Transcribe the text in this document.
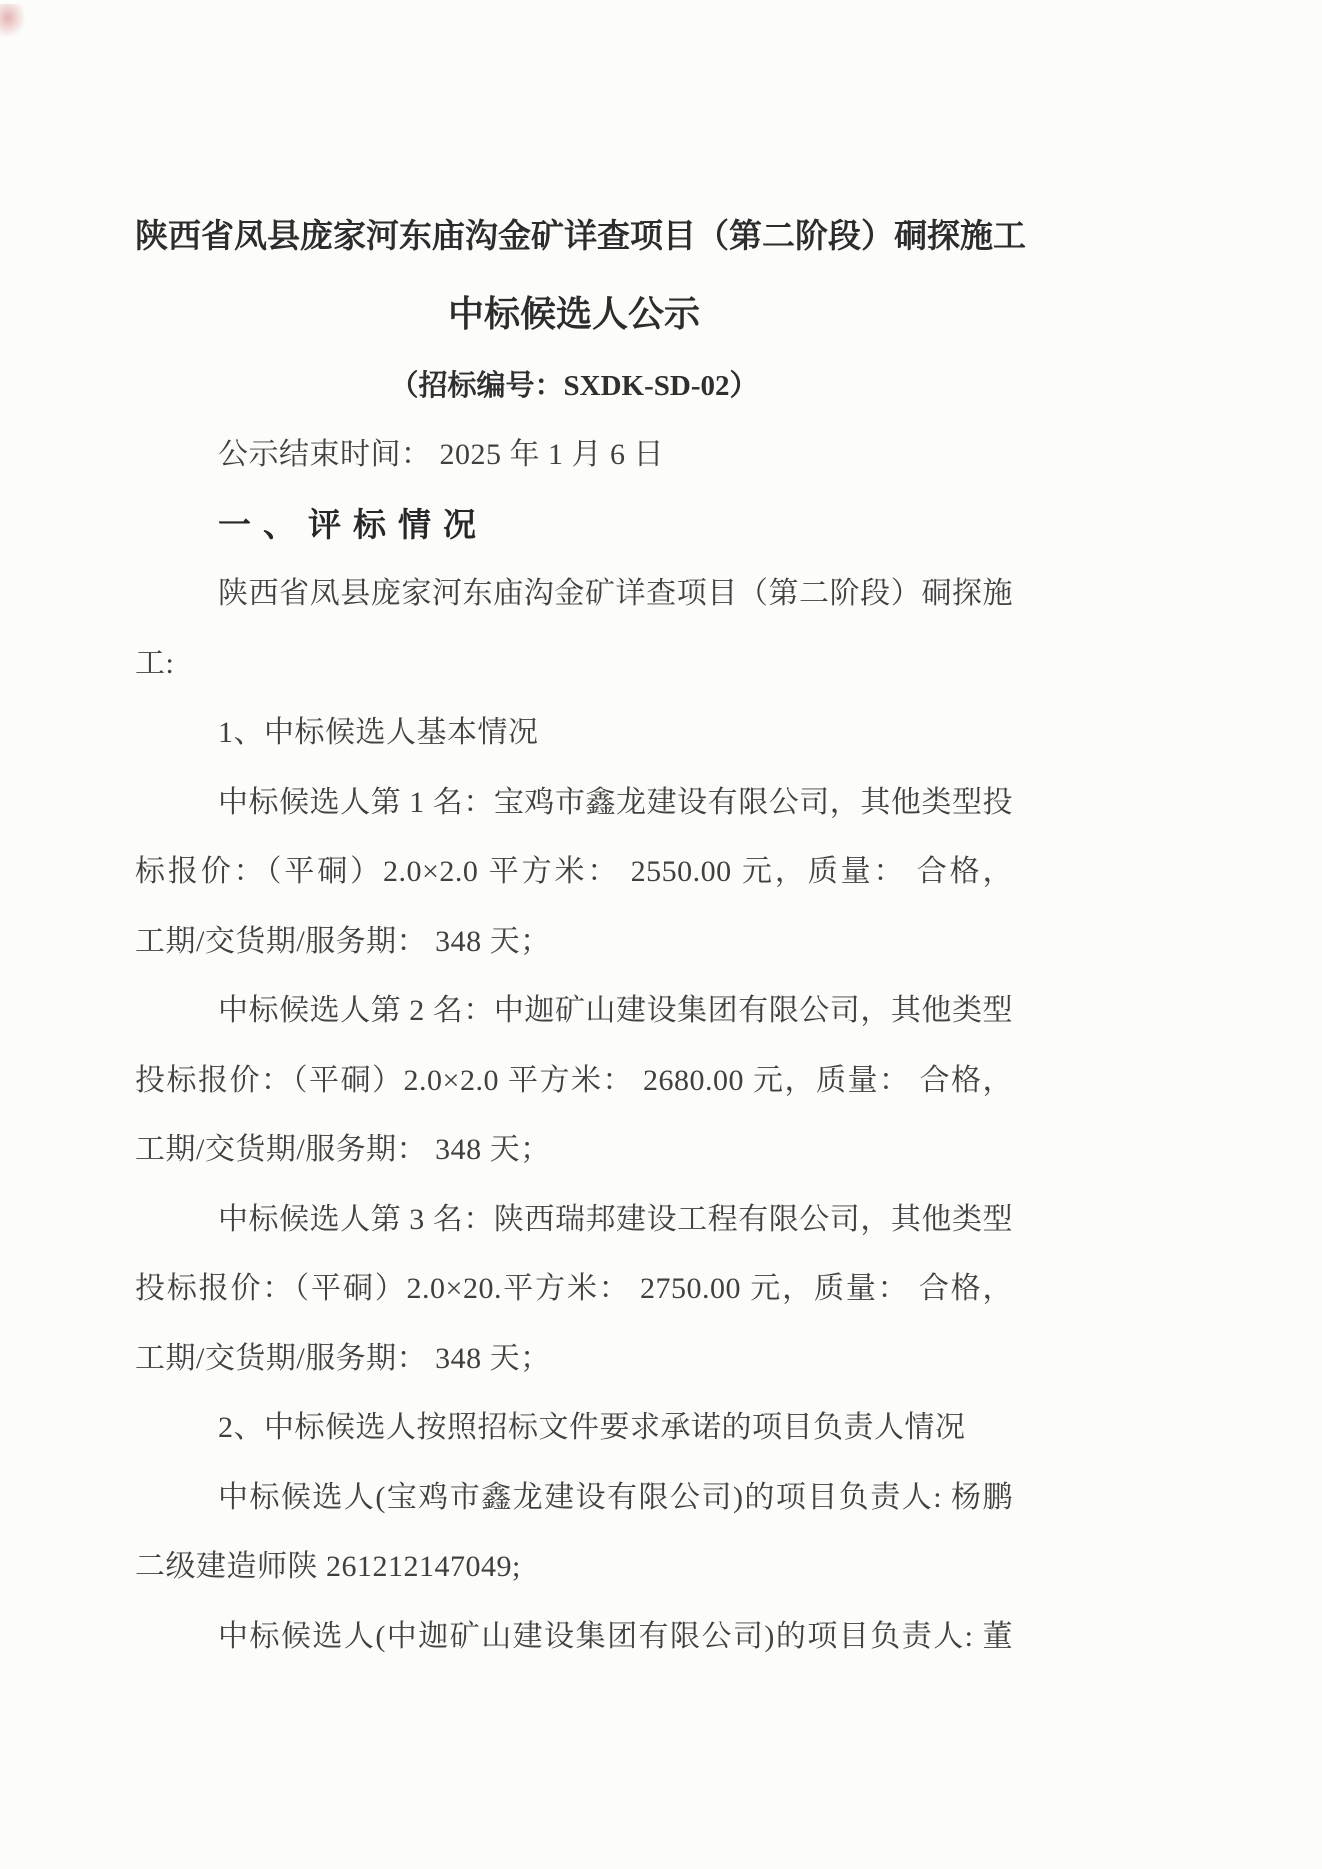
陕西省凤县庞家河东庙沟金矿详查项目（第二阶段）硐探施工
中标候选人公示
（招标编号：SXDK-SD-02）
公示结束时间： 2025 年 1 月 6 日
一、评标情况
陕西省凤县庞家河东庙沟金矿详查项目（第二阶段）硐探施
工:
1、中标候选人基本情况
中标候选人第 1 名：宝鸡市鑫龙建设有限公司，其他类型投
标报价：（平硐）2.0×2.0 平方米： 2550.00 元，质量： 合格，
工期/交货期/服务期： 348 天；
中标候选人第 2 名：中迦矿山建设集团有限公司，其他类型
投标报价：（平硐）2.0×2.0 平方米： 2680.00 元，质量： 合格，
工期/交货期/服务期： 348 天；
中标候选人第 3 名：陕西瑞邦建设工程有限公司，其他类型
投标报价：（平硐）2.0×20.平方米： 2750.00 元，质量： 合格，
工期/交货期/服务期： 348 天；
2、中标候选人按照招标文件要求承诺的项目负责人情况
中标候选人(宝鸡市鑫龙建设有限公司)的项目负责人: 杨鹏
二级建造师陕 261212147049;
中标候选人(中迦矿山建设集团有限公司)的项目负责人: 董
